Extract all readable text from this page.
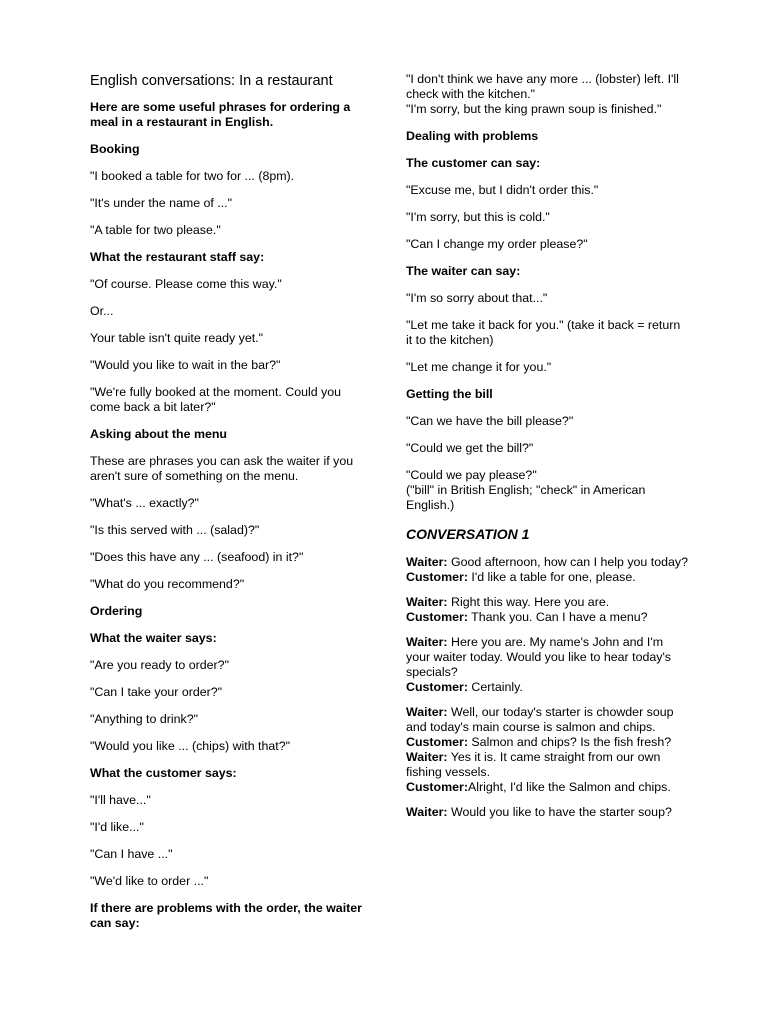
English conversations: In a restaurant
Here are some useful phrases for ordering a meal in a restaurant in English.
Booking
"I booked a table for two for ... (8pm).
"It's under the name of ..."
"A table for two please."
What the restaurant staff say:
"Of course. Please come this way."
Or...
Your table isn't quite ready yet."
"Would you like to wait in the bar?"
"We're fully booked at the moment. Could you come back a bit later?"
Asking about the menu
These are phrases you can ask the waiter if you aren't sure of something on the menu.
"What's ... exactly?"
"Is this served with ... (salad)?"
"Does this have any ... (seafood) in it?"
"What do you recommend?"
Ordering
What the waiter says:
"Are you ready to order?"
"Can I take your order?"
"Anything to drink?"
"Would you like ... (chips) with that?"
What the customer says:
"I'll have..."
"I'd like..."
"Can I have ..."
"We'd like to order ..."
If there are problems with the order, the waiter can say:
"I don't think we have any more ... (lobster) left. I'll check with the kitchen."
"I'm sorry, but the king prawn soup is finished."
Dealing with problems
The customer can say:
"Excuse me, but I didn't order this."
"I'm sorry, but this is cold."
"Can I change my order please?"
The waiter can say:
"I'm so sorry about that..."
"Let me take it back for you." (take it back = return it to the kitchen)
"Let me change it for you."
Getting the bill
"Can we have the bill please?"
"Could we get the bill?"
"Could we pay please?"
("bill" in British English; "check" in American English.)
CONVERSATION 1
Waiter: Good afternoon, how can I help you today?
Customer: I'd like a table for one, please.
Waiter: Right this way. Here you are.
Customer: Thank you. Can I have a menu?
Waiter: Here you are. My name's John and I'm your waiter today. Would you like to hear today's specials?
Customer: Certainly.
Waiter: Well, our today's starter is chowder soup and today's main course is salmon and chips.
Customer: Salmon and chips? Is the fish fresh?
Waiter: Yes it is. It came straight from our own fishing vessels.
Customer:Alright, I'd like the Salmon and chips.
Waiter: Would you like to have the starter soup?
